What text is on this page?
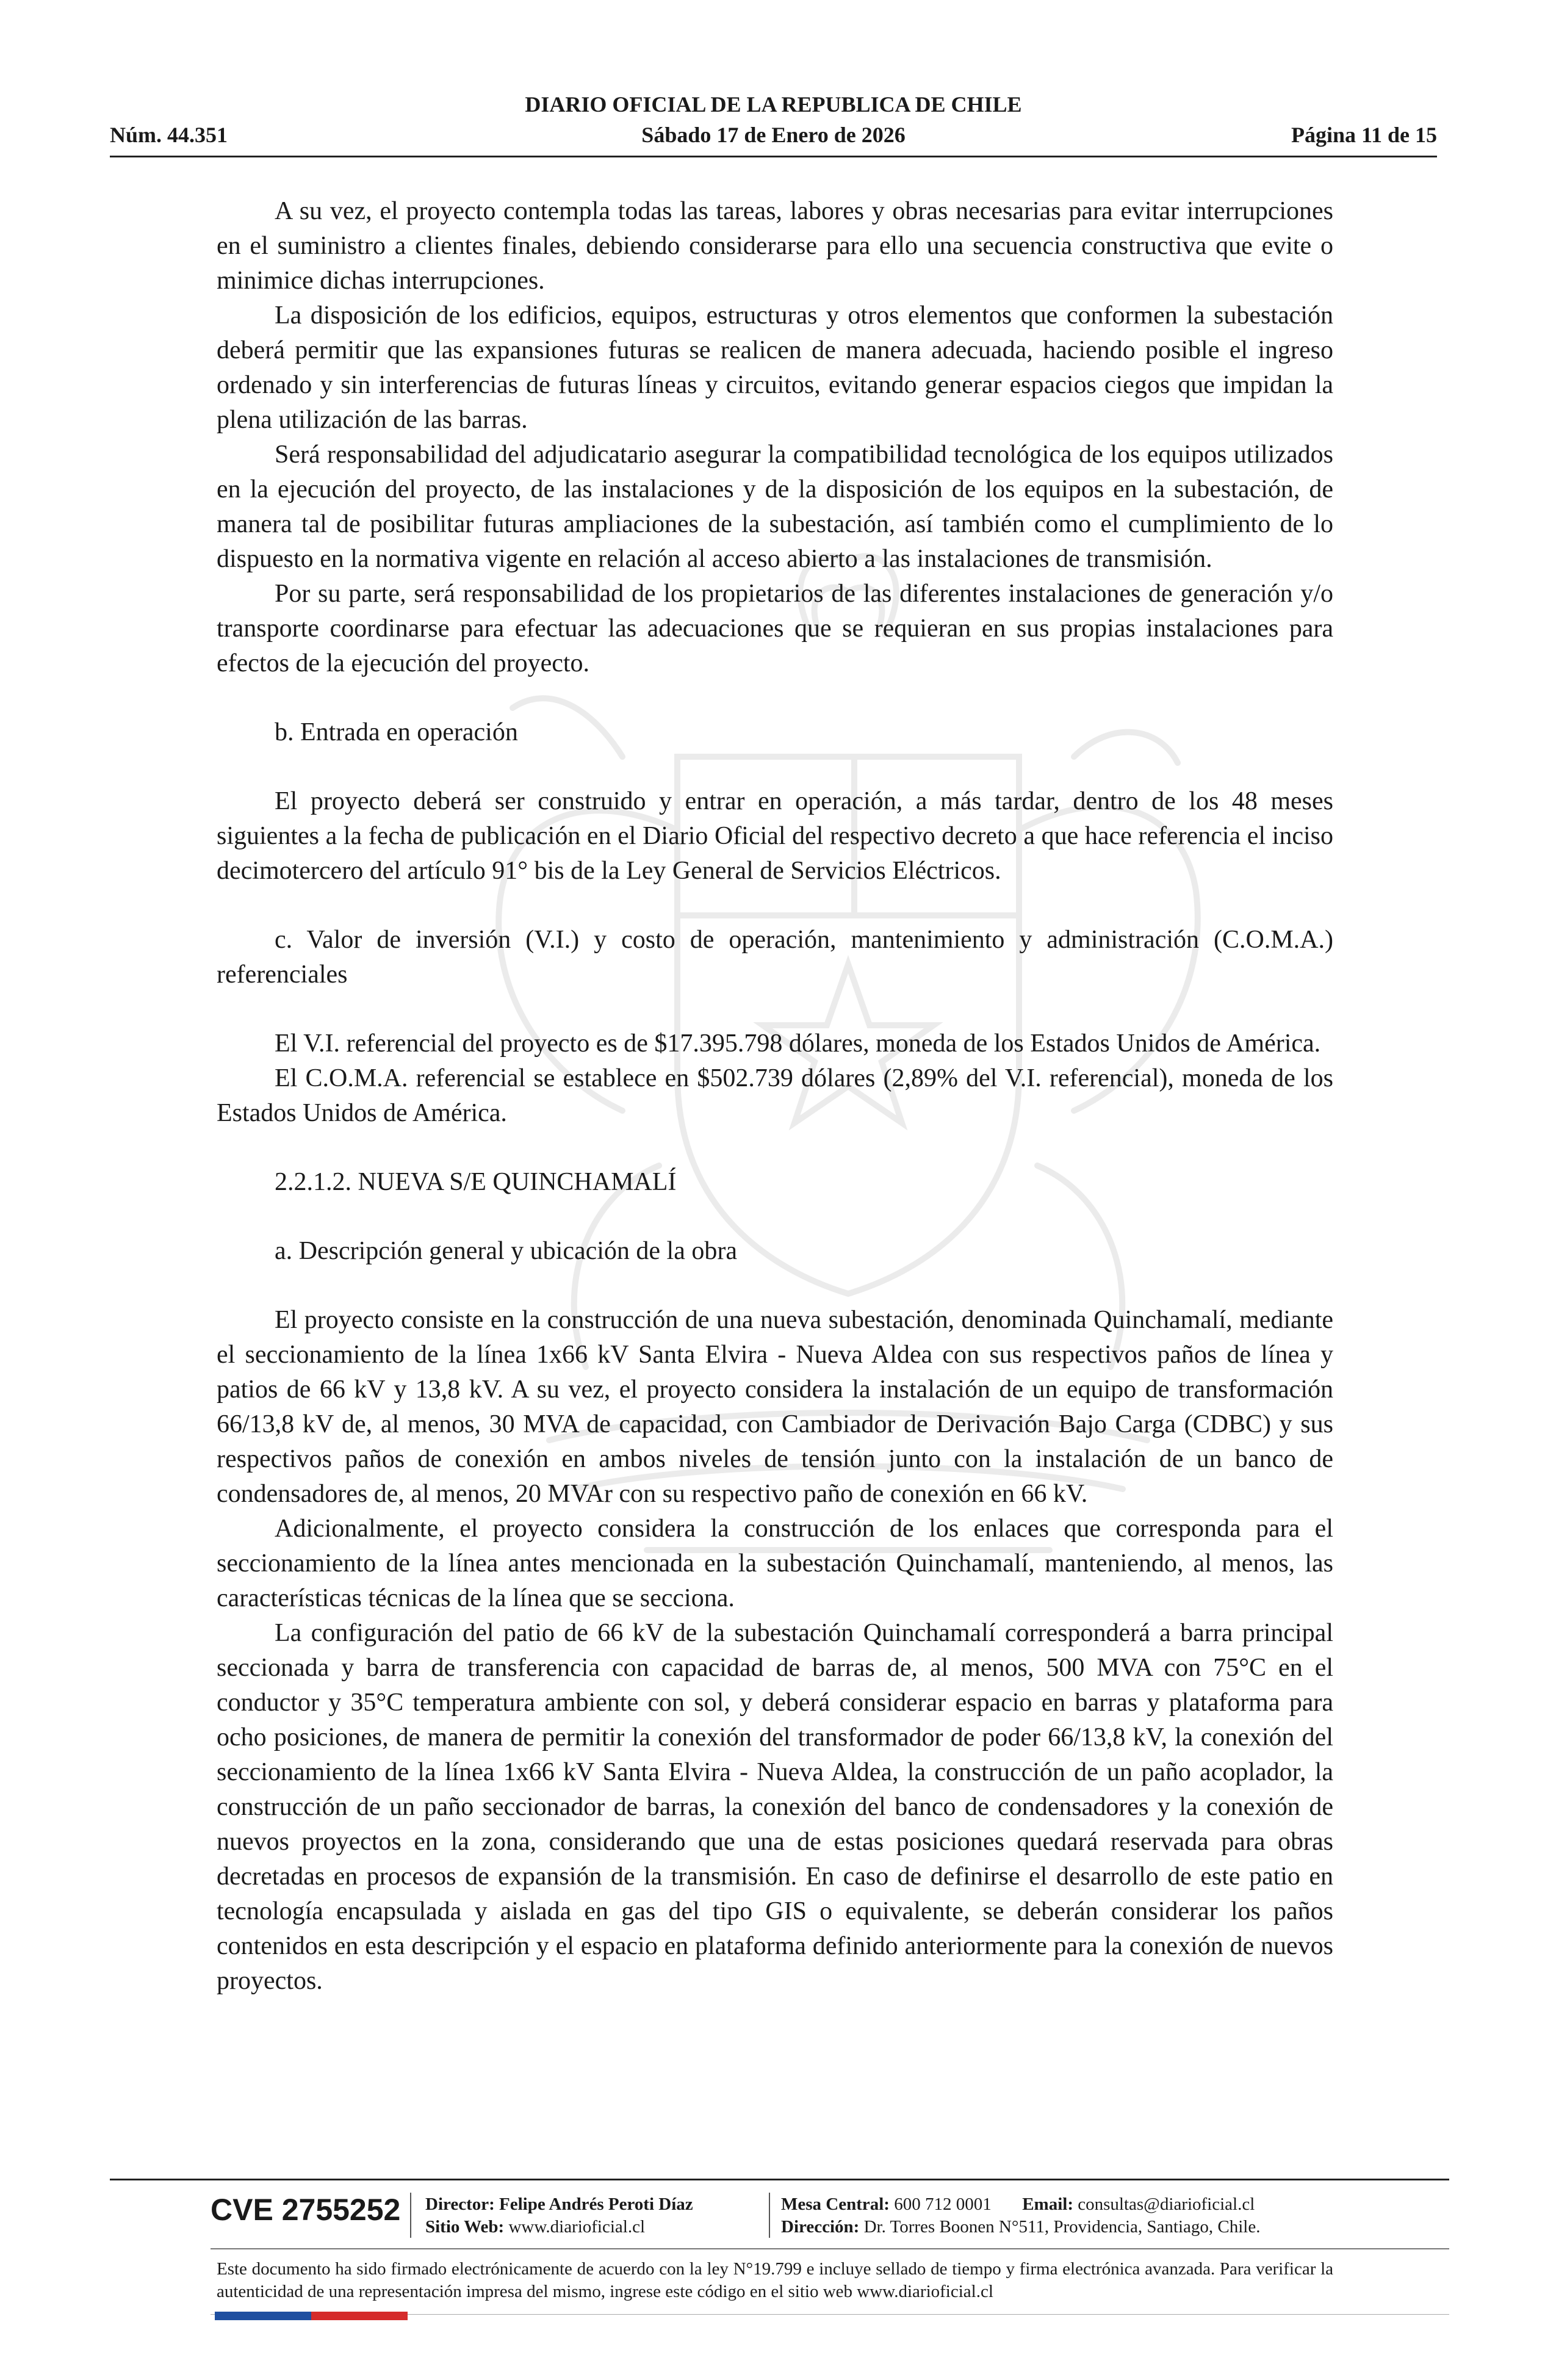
DIARIO OFICIAL DE LA REPUBLICA DE CHILE
Núm. 44.351	Sábado 17 de Enero de 2026	Página 11 de 15

A su vez, el proyecto contempla todas las tareas, labores y obras necesarias para evitar interrupciones en el suministro a clientes finales, debiendo considerarse para ello una secuencia constructiva que evite o minimice dichas interrupciones.

La disposición de los edificios, equipos, estructuras y otros elementos que conformen la subestación deberá permitir que las expansiones futuras se realicen de manera adecuada, haciendo posible el ingreso ordenado y sin interferencias de futuras líneas y circuitos, evitando generar espacios ciegos que impidan la plena utilización de las barras.

Será responsabilidad del adjudicatario asegurar la compatibilidad tecnológica de los equipos utilizados en la ejecución del proyecto, de las instalaciones y de la disposición de los equipos en la subestación, de manera tal de posibilitar futuras ampliaciones de la subestación, así también como el cumplimiento de lo dispuesto en la normativa vigente en relación al acceso abierto a las instalaciones de transmisión.

Por su parte, será responsabilidad de los propietarios de las diferentes instalaciones de generación y/o transporte coordinarse para efectuar las adecuaciones que se requieran en sus propias instalaciones para efectos de la ejecución del proyecto.

b. Entrada en operación

El proyecto deberá ser construido y entrar en operación, a más tardar, dentro de los 48 meses siguientes a la fecha de publicación en el Diario Oficial del respectivo decreto a que hace referencia el inciso decimotercero del artículo 91° bis de la Ley General de Servicios Eléctricos.

c. Valor de inversión (V.I.) y costo de operación, mantenimiento y administración (C.O.M.A.) referenciales

El V.I. referencial del proyecto es de $17.395.798 dólares, moneda de los Estados Unidos de América.

El C.O.M.A. referencial se establece en $502.739 dólares (2,89% del V.I. referencial), moneda de los Estados Unidos de América.

2.2.1.2. NUEVA S/E QUINCHAMALÍ

a. Descripción general y ubicación de la obra

El proyecto consiste en la construcción de una nueva subestación, denominada Quinchamalí, mediante el seccionamiento de la línea 1x66 kV Santa Elvira - Nueva Aldea con sus respectivos paños de línea y patios de 66 kV y 13,8 kV. A su vez, el proyecto considera la instalación de un equipo de transformación 66/13,8 kV de, al menos, 30 MVA de capacidad, con Cambiador de Derivación Bajo Carga (CDBC) y sus respectivos paños de conexión en ambos niveles de tensión junto con la instalación de un banco de condensadores de, al menos, 20 MVAr con su respectivo paño de conexión en 66 kV.

Adicionalmente, el proyecto considera la construcción de los enlaces que corresponda para el seccionamiento de la línea antes mencionada en la subestación Quinchamalí, manteniendo, al menos, las características técnicas de la línea que se secciona.

La configuración del patio de 66 kV de la subestación Quinchamalí corresponderá a barra principal seccionada y barra de transferencia con capacidad de barras de, al menos, 500 MVA con 75°C en el conductor y 35°C temperatura ambiente con sol, y deberá considerar espacio en barras y plataforma para ocho posiciones, de manera de permitir la conexión del transformador de poder 66/13,8 kV, la conexión del seccionamiento de la línea 1x66 kV Santa Elvira - Nueva Aldea, la construcción de un paño acoplador, la construcción de un paño seccionador de barras, la conexión del banco de condensadores y la conexión de nuevos proyectos en la zona, considerando que una de estas posiciones quedará reservada para obras decretadas en procesos de expansión de la transmisión. En caso de definirse el desarrollo de este patio en tecnología encapsulada y aislada en gas del tipo GIS o equivalente, se deberán considerar los paños contenidos en esta descripción y el espacio en plataforma definido anteriormente para la conexión de nuevos proyectos.

CVE 2755252 Director: Felipe Andrés Peroti Díaz
Sitio Web: www.diarioficial.cl
Mesa Central: 600 712 0001 Email: consultas@diarioficial.cl
Dirección: Dr. Torres Boonen N°511, Providencia, Santiago, Chile.
Este documento ha sido firmado electrónicamente de acuerdo con la ley N°19.799 e incluye sellado de tiempo y firma electrónica avanzada. Para verificar la autenticidad de una representación impresa del mismo, ingrese este código en el sitio web www.diarioficial.cl
